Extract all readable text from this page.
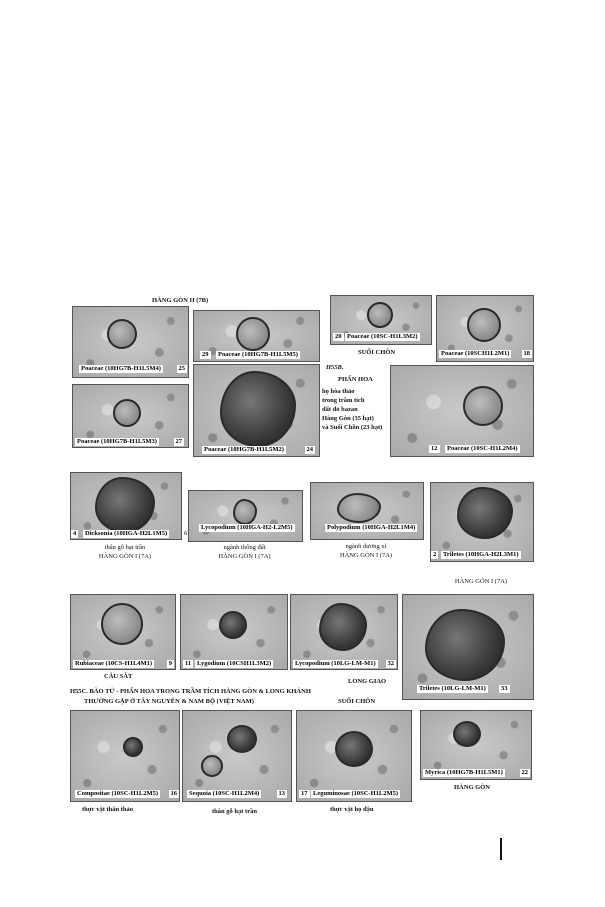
HÀNG GÒN II (7B)
Poaceae (10HG7B-H1L5M4)	25
29	Poaceae (10HG7B-H1L5M5)
20 Poaceae (10SC-H1L3M2)
Poaceae (10SCH1L2M1)	18
SUỐI CHÔN
Poaceae (10HG7B-H1L5M3)	27
Poaceae (10HG7B-H1L5M2)	24
H55B.
PHẤN HOA
họ hòa thảo
trong trầm tích
đất đỏ bazan
Hàng Gòn (35 hạt)
và Suối Chồn (23 hạt)
12	Poaceae (10SC-H1L2M4)
4	Dicksonia (10HGA-H2L1M5)	6
Lycopodium (10HGA-H2-L2M5)	Polypodium (10HGA-H2L1M4)
2	Triletes (10HGA-H2L3M1)
thân gỗ hạt trần
HÀNG GÒN I (7A)
ngành thông đất
HÀNG GÒN I (7A)
ngành dương xỉ
HÀNG GÒN I (7A)
HÀNG GÒN I (7A)
Rubiaceae (10CS-H1L4M1)	9	11 Lygodium (10CSH1L3M2)	Lycopodium (10LG-LM-M1)	32
Triletes (10LG-LM-M1)	33
CÂU SẮT
LONG GIAO
SUỐI CHÔN
H55C. BÀO TỬ - PHẤN HOA TRONG TRẦM TÍCH HÀNG GÒN & LONG KHÁNH
THƯỜNG GẶP Ở TÂY NGUYÊN & NAM BỘ (VIỆT NAM)
Compositae (10SC-H1L2M5)	16	Sequoia (10SC-H1L2M4)	13	17 Leguminosae (10SC-H1L2M5)
Myrica (10HG7B-H1L5M1)	22
thực vật thân thảo	thân gỗ hạt trần	thực vật họ đậu
HÀNG GÒN
